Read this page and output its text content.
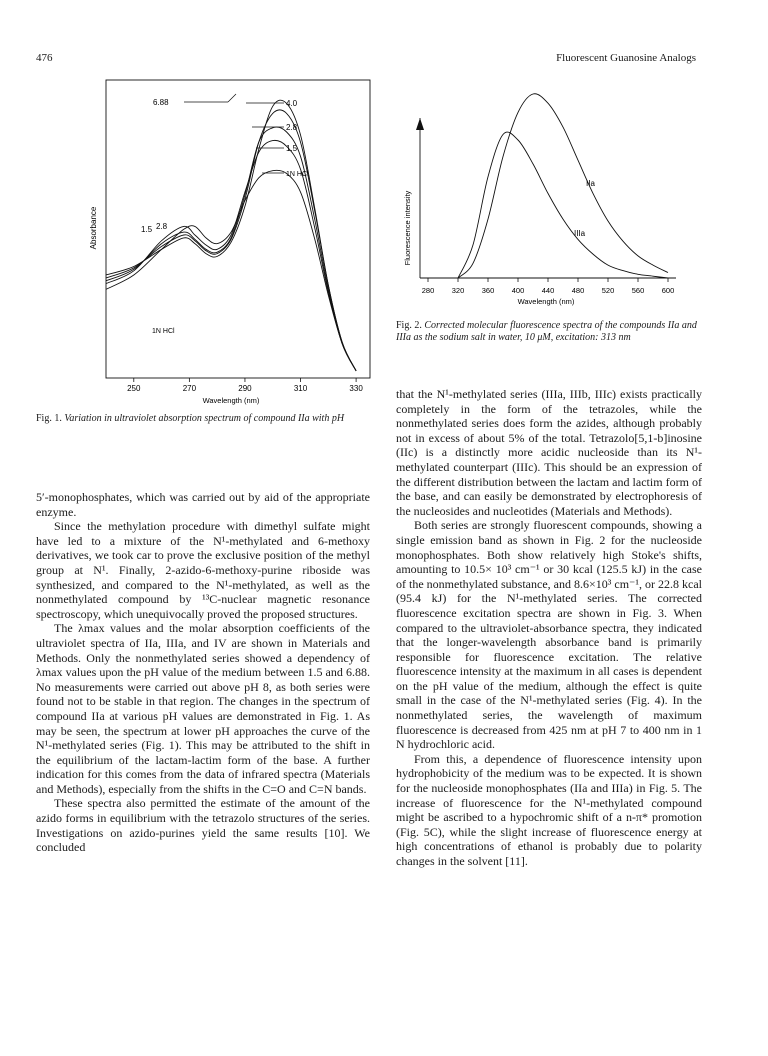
476	Fluorescent Guanosine Analogs
Absorbance
250	270	290	310	330
Wavelength (nm)
6.88	4.0
2.8
1.5
1N HCl
1.5 2.8
1N HCl
Fig. 1. Variation in ultraviolet absorption spectrum of compound IIa with pH
Fluorescence intensity
280 320 360 400 440 480 520 560 600
IIa
IIIa
Wavelength (nm)
Fig. 2. Corrected molecular fluorescence spectra of the compounds IIa and IIIa as the sodium salt in water, 10 μM, excitation: 313 nm

5′-monophosphates, which was carried out by aid of the appropriate enzyme.

Since the methylation procedure with dimethyl sulfate might have led to a mixture of the N¹-methylated and 6-methoxy derivatives, we took car to prove the exclusive position of the methyl group at N¹. Finally, 2-azido-6-methoxy-purine riboside was synthesized, and compared to the N¹-methylated, as well as the nonmethylated compound by ¹³C-nuclear magnetic resonance spectroscopy, which unequivocally proved the proposed structures.

The λmax values and the molar absorption coefficients of the ultraviolet spectra of IIa, IIIa, and IV are shown in Materials and Methods. Only the nonmethylated series showed a dependency of λmax values upon the pH value of the medium between 1.5 and 6.88. No measurements were carried out above pH 8, as both series were found not to be stable in that region. The changes in the spectrum of compound IIa at various pH values are demonstrated in Fig. 1. As may be seen, the spectrum at lower pH approaches the curve of the N¹-methylated series (Fig. 1). This may be attributed to the shift in the equilibrium of the lactam-lactim form of the base. A further indication for this comes from the data of infrared spectra (Materials and Methods), especially from the shifts in the C=O and C=N bands.

These spectra also permitted the estimate of the amount of the azido forms in equilibrium with the tetrazolo structures of the series. Investigations on azido-purines yield the same results [10]. We concluded

that the N¹-methylated series (IIIa, IIIb, IIIc) exists practically completely in the form of the tetrazoles, while the nonmethylated series does form the azides, although probably not in excess of about 5% of the total. Tetrazolo[5,1-b]inosine (IIc) is a distinctly more acidic nucleoside than its N¹-methylated counterpart (IIIc). This should be an expression of the different distribution between the lactam and lactim form of the base, and can easily be demonstrated by electrophoresis of the nucleosides and nucleotides (Materials and Methods).

Both series are strongly fluorescent compounds, showing a single emission band as shown in Fig. 2 for the nucleoside monophosphates. Both show relatively high Stoke's shifts, amounting to 10.5× 10³ cm⁻¹ or 30 kcal (125.5 kJ) in the case of the nonmethylated substance, and 8.6×10³ cm⁻¹, or 22.8 kcal (95.4 kJ) for the N¹-methylated series. The corrected fluorescence excitation spectra are shown in Fig. 3. When compared to the ultraviolet-absorbance spectra, they indicated that the longer-wavelength absorbance band is primarily responsible for fluorescence excitation. The relative fluorescence intensity at the maximum in all cases is dependent on the pH value of the medium, although the effect is quite small in the case of the N¹-methylated series (Fig. 4). In the nonmethylated series, the wavelength of maximum fluorescence is decreased from 425 nm at pH 7 to 400 nm in 1 N hydrochloric acid.

From this, a dependence of fluorescence intensity upon hydrophobicity of the medium was to be expected. It is shown for the nucleoside monophosphates (IIa and IIIa) in Fig. 5. The increase of fluorescence for the N¹-methylated compound might be ascribed to a hypochromic shift of a n-π* promotion (Fig. 5C), while the slight increase of fluorescence energy at high concentrations of ethanol is probably due to polarity changes in the solvent [11].
